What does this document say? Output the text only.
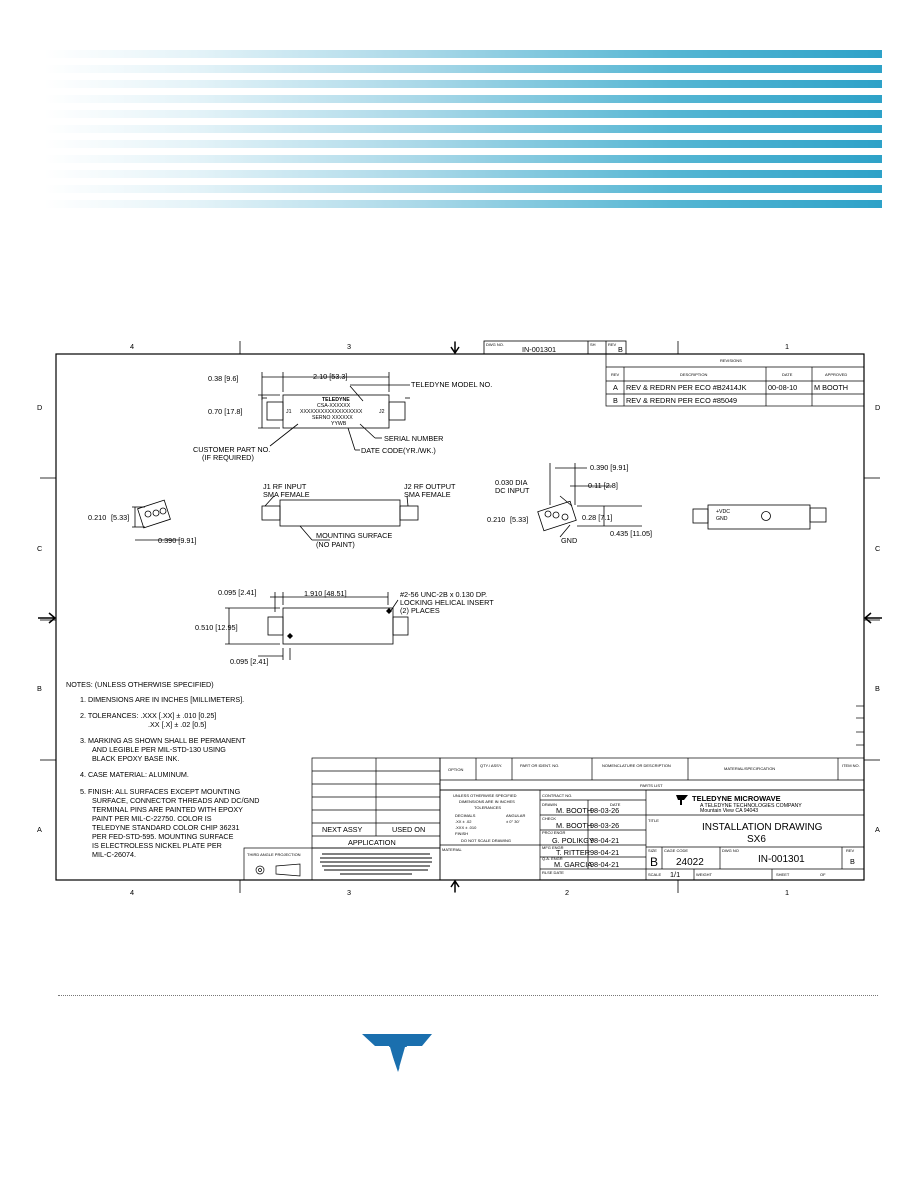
4	3	1
4	3	2	1
D
C
B
A
D
C
B
A
DWG NO.
IN-001301
SH	REV
B
REVISIONS
REV	DESCRIPTION	DATE	APPROVED
A REV & REDRN PER ECO #B2414JK	00-08-10 M BOOTH
B REV & REDRN PER ECO #85049
0.38 [9.6]	2.10 [53.3]
0.70 [17.8]
TELEDYNE MODEL NO.
SERIAL NUMBER
DATE CODE(YR./WK.)
CUSTOMER PART NO.
(IF REQUIRED)
TELEDYNE
CSA-XXXXXX
XXXXXXXXXXXXXXXXXX
SERNO XXXXXX
YYWB
J1	J2
J1 RF INPUT
SMA FEMALE
J2 RF OUTPUT
SMA FEMALE
MOUNTING SURFACE
(NO PAINT)
0.210 [5.33]
0.390 [9.91]
0.390 [9.91]
0.030 DIA
DC INPUT
0.11 [2.8]
0.210 [5.33]	0.28 [7.1]
0.435 [11.05]
GND
+VDC
GND
0.095 [2.41]	1.910 [48.51]
0.510 [12.95]
0.095 [2.41]
#2-56 UNC-2B x 0.130 DP.
LOCKING HELICAL INSERT
(2) PLACES
NOTES: (UNLESS OTHERWISE SPECIFIED)
1. DIMENSIONS ARE IN INCHES [MILLIMETERS].
2. TOLERANCES: .XXX [.XX] ± .010 [0.25]
.XX [.X] ± .02 [0.5]
3. MARKING AS SHOWN SHALL BE PERMANENT
AND LEGIBLE PER MIL-STD-130 USING
BLACK EPOXY BASE INK.
4. CASE MATERIAL: ALUMINUM.
5. FINISH: ALL SURFACES EXCEPT MOUNTING
SURFACE, CONNECTOR THREADS AND DC/GND
TERMINAL PINS ARE PAINTED WITH EPOXY
PAINT PER MIL-C-22750. COLOR IS
TELEDYNE STANDARD COLOR CHIP 36231
PER FED-STD-595. MOUNTING SURFACE
IS ELECTROLESS NICKEL PLATE PER
MIL-C-26074.
NEXT ASSY	USED ON
APPLICATION
THIRD ANGLE PROJECTION
OPTION
QTY./ ASSY.	PART OR IDENT. NO.	NOMENCLATURE OR DESCRIPTION
MATERIAL/SPECIFICATION
ITEM NO.
PARTS LIST
UNLESS OTHERWISE SPECIFIED
DIMENSIONS ARE IN INCHES
TOLERANCES
DECIMALS	ANGULAR
.XX ± .02	± 0° 30'
.XXX ± .010
FINISH
DO NOT SCALE DRAWING
MATERIAL
CONTRACT NO.
DRAWN
M. BOOTH
DATE
98-03-26
CHECK
M. BOOTH
98-03-26
PROJ ENGR
G. POLIKGY
98-04-21
MFG ENGR
T. RITTER 98-04-21
Q.A. ENGR
M. GARCIA
98-04-21
RLSE DATE
TELEDYNE MICROWAVE
A TELEDYNE TECHNOLOGIES COMPANY
Mountain View CA 94043
TITLE
INSTALLATION DRAWING
SX6
SIZE
B
CAGE CODE
24022
DWG NO
IN-001301
REV
B
SCALE 1/1	WEIGHT	SHEET	OF
